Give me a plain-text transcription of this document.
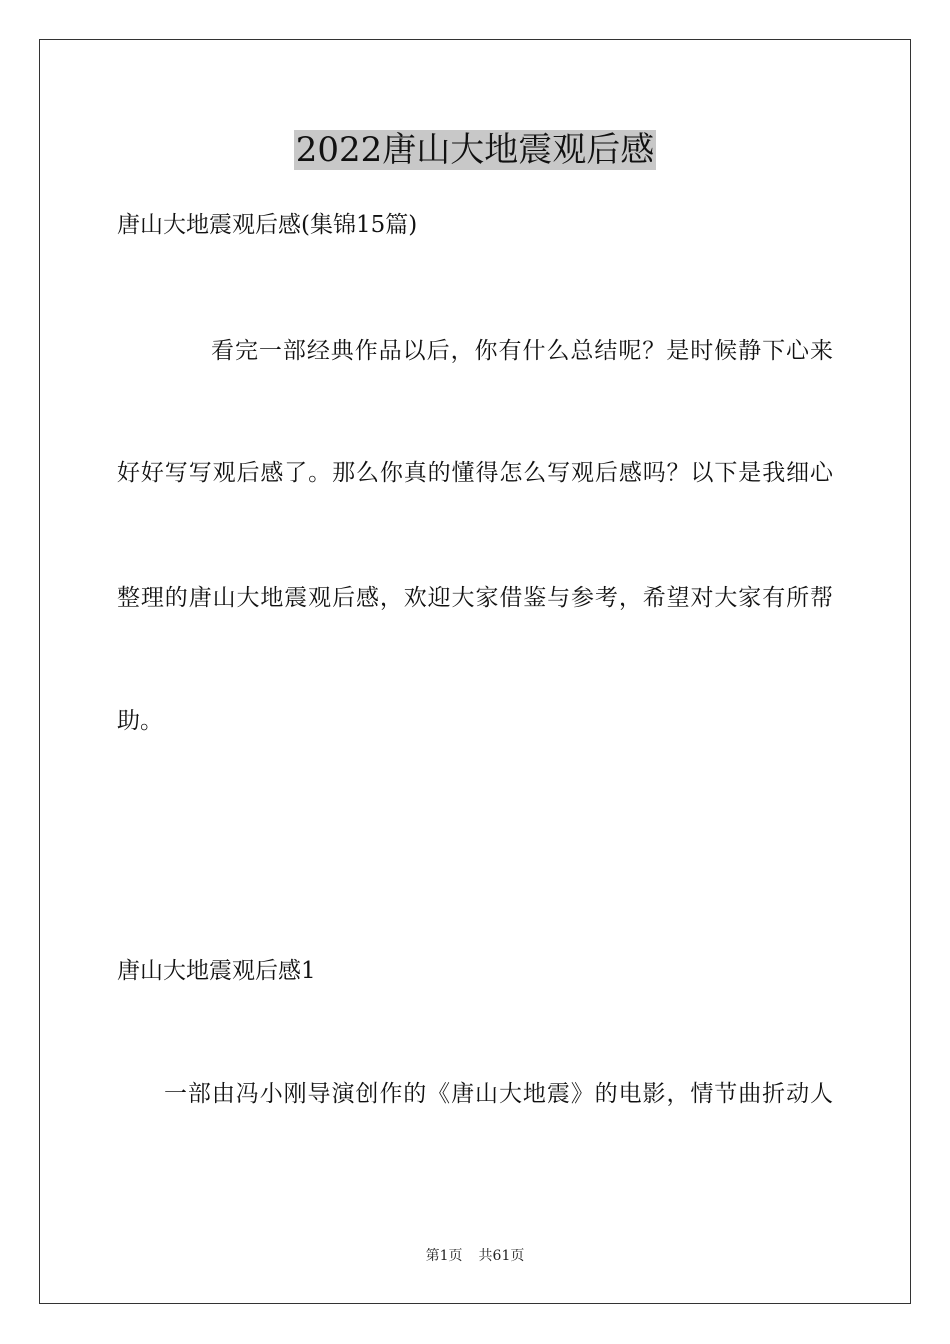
2022唐山大地震观后感

唐山大地震观后感(集锦15篇)

看完一部经典作品以后，你有什么总结呢？是时候静下心来

好好写写观后感了。那么你真的懂得怎么写观后感吗？以下是我细心

整理的唐山大地震观后感，欢迎大家借鉴与参考，希望对大家有所帮

助。

唐山大地震观后感1

一部由冯小刚导演创作的《唐山大地震》的电影，情节曲折动人

第1页 共61页
